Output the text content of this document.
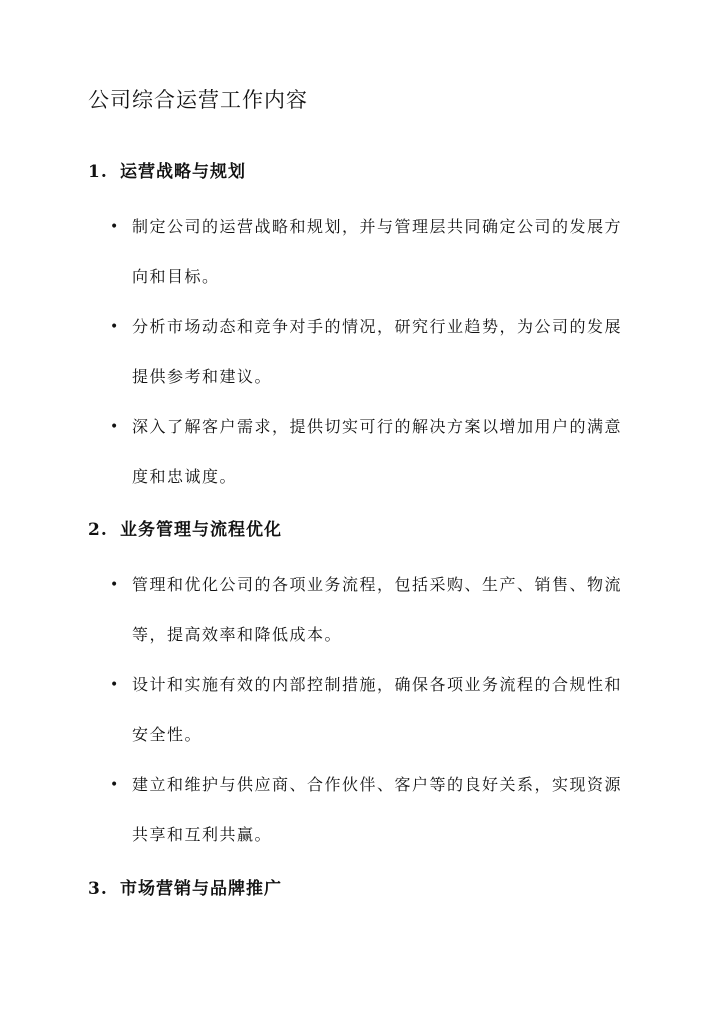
公司综合运营工作内容
1. 运营战略与规划
• 制定公司的运营战略和规划，并与管理层共同确定公司的发展方向和目标。
• 分析市场动态和竞争对手的情况，研究行业趋势，为公司的发展提供参考和建议。
• 深入了解客户需求，提供切实可行的解决方案以增加用户的满意度和忠诚度。
2. 业务管理与流程优化
• 管理和优化公司的各项业务流程，包括采购、生产、销售、物流等，提高效率和降低成本。
• 设计和实施有效的内部控制措施，确保各项业务流程的合规性和安全性。
• 建立和维护与供应商、合作伙伴、客户等的良好关系，实现资源共享和互利共赢。
3. 市场营销与品牌推广
